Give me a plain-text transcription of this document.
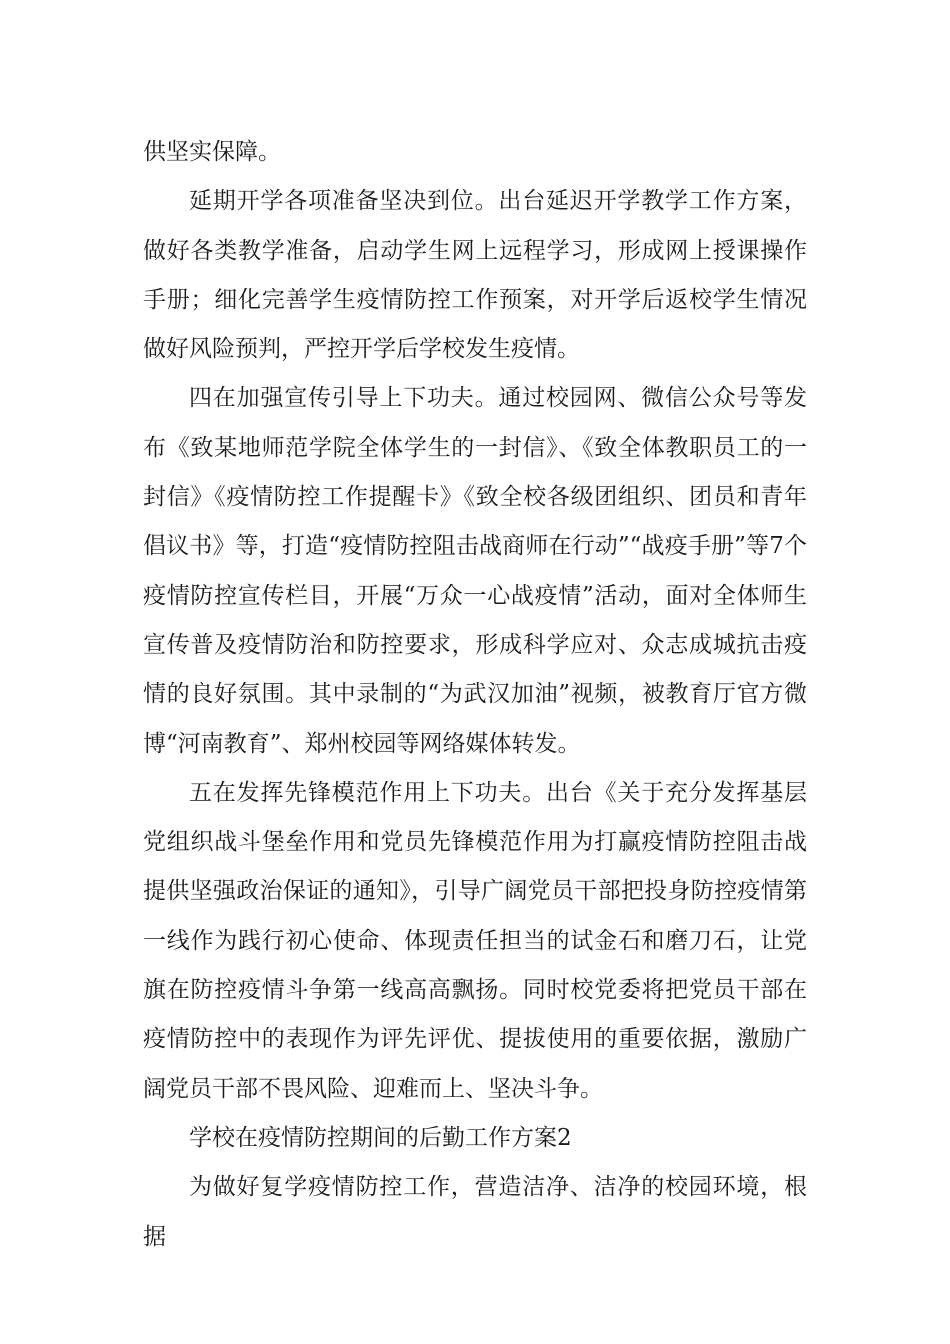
供坚实保障。

延期开学各项准备坚决到位。出台延迟开学教学工作方案，做好各类教学准备，启动学生网上远程学习，形成网上授课操作手册；细化完善学生疫情防控工作预案，对开学后返校学生情况做好风险预判，严控开学后学校发生疫情。

四在加强宣传引导上下功夫。通过校园网、微信公众号等发布《致某地师范学院全体学生的一封信》、《致全体教职员工的一封信》《疫情防控工作提醒卡》《致全校各级团组织、团员和青年倡议书》等，打造“疫情防控阻击战商师在行动”“战疫手册”等7个疫情防控宣传栏目，开展“万众一心战疫情”活动，面对全体师生宣传普及疫情防治和防控要求，形成科学应对、众志成城抗击疫情的良好氛围。其中录制的“为武汉加油”视频，被教育厅官方微博“河南教育”、郑州校园等网络媒体转发。

五在发挥先锋模范作用上下功夫。出台《关于充分发挥基层党组织战斗堡垒作用和党员先锋模范作用为打赢疫情防控阻击战提供坚强政治保证的通知》，引导广阔党员干部把投身防控疫情第一线作为践行初心使命、体现责任担当的试金石和磨刀石，让党旗在防控疫情斗争第一线高高飘扬。同时校党委将把党员干部在疫情防控中的表现作为评先评优、提拔使用的重要依据，激励广阔党员干部不畏风险、迎难而上、坚决斗争。

学校在疫情防控期间的后勤工作方案2

为做好复学疫情防控工作，营造洁净、洁净的校园环境，根据
